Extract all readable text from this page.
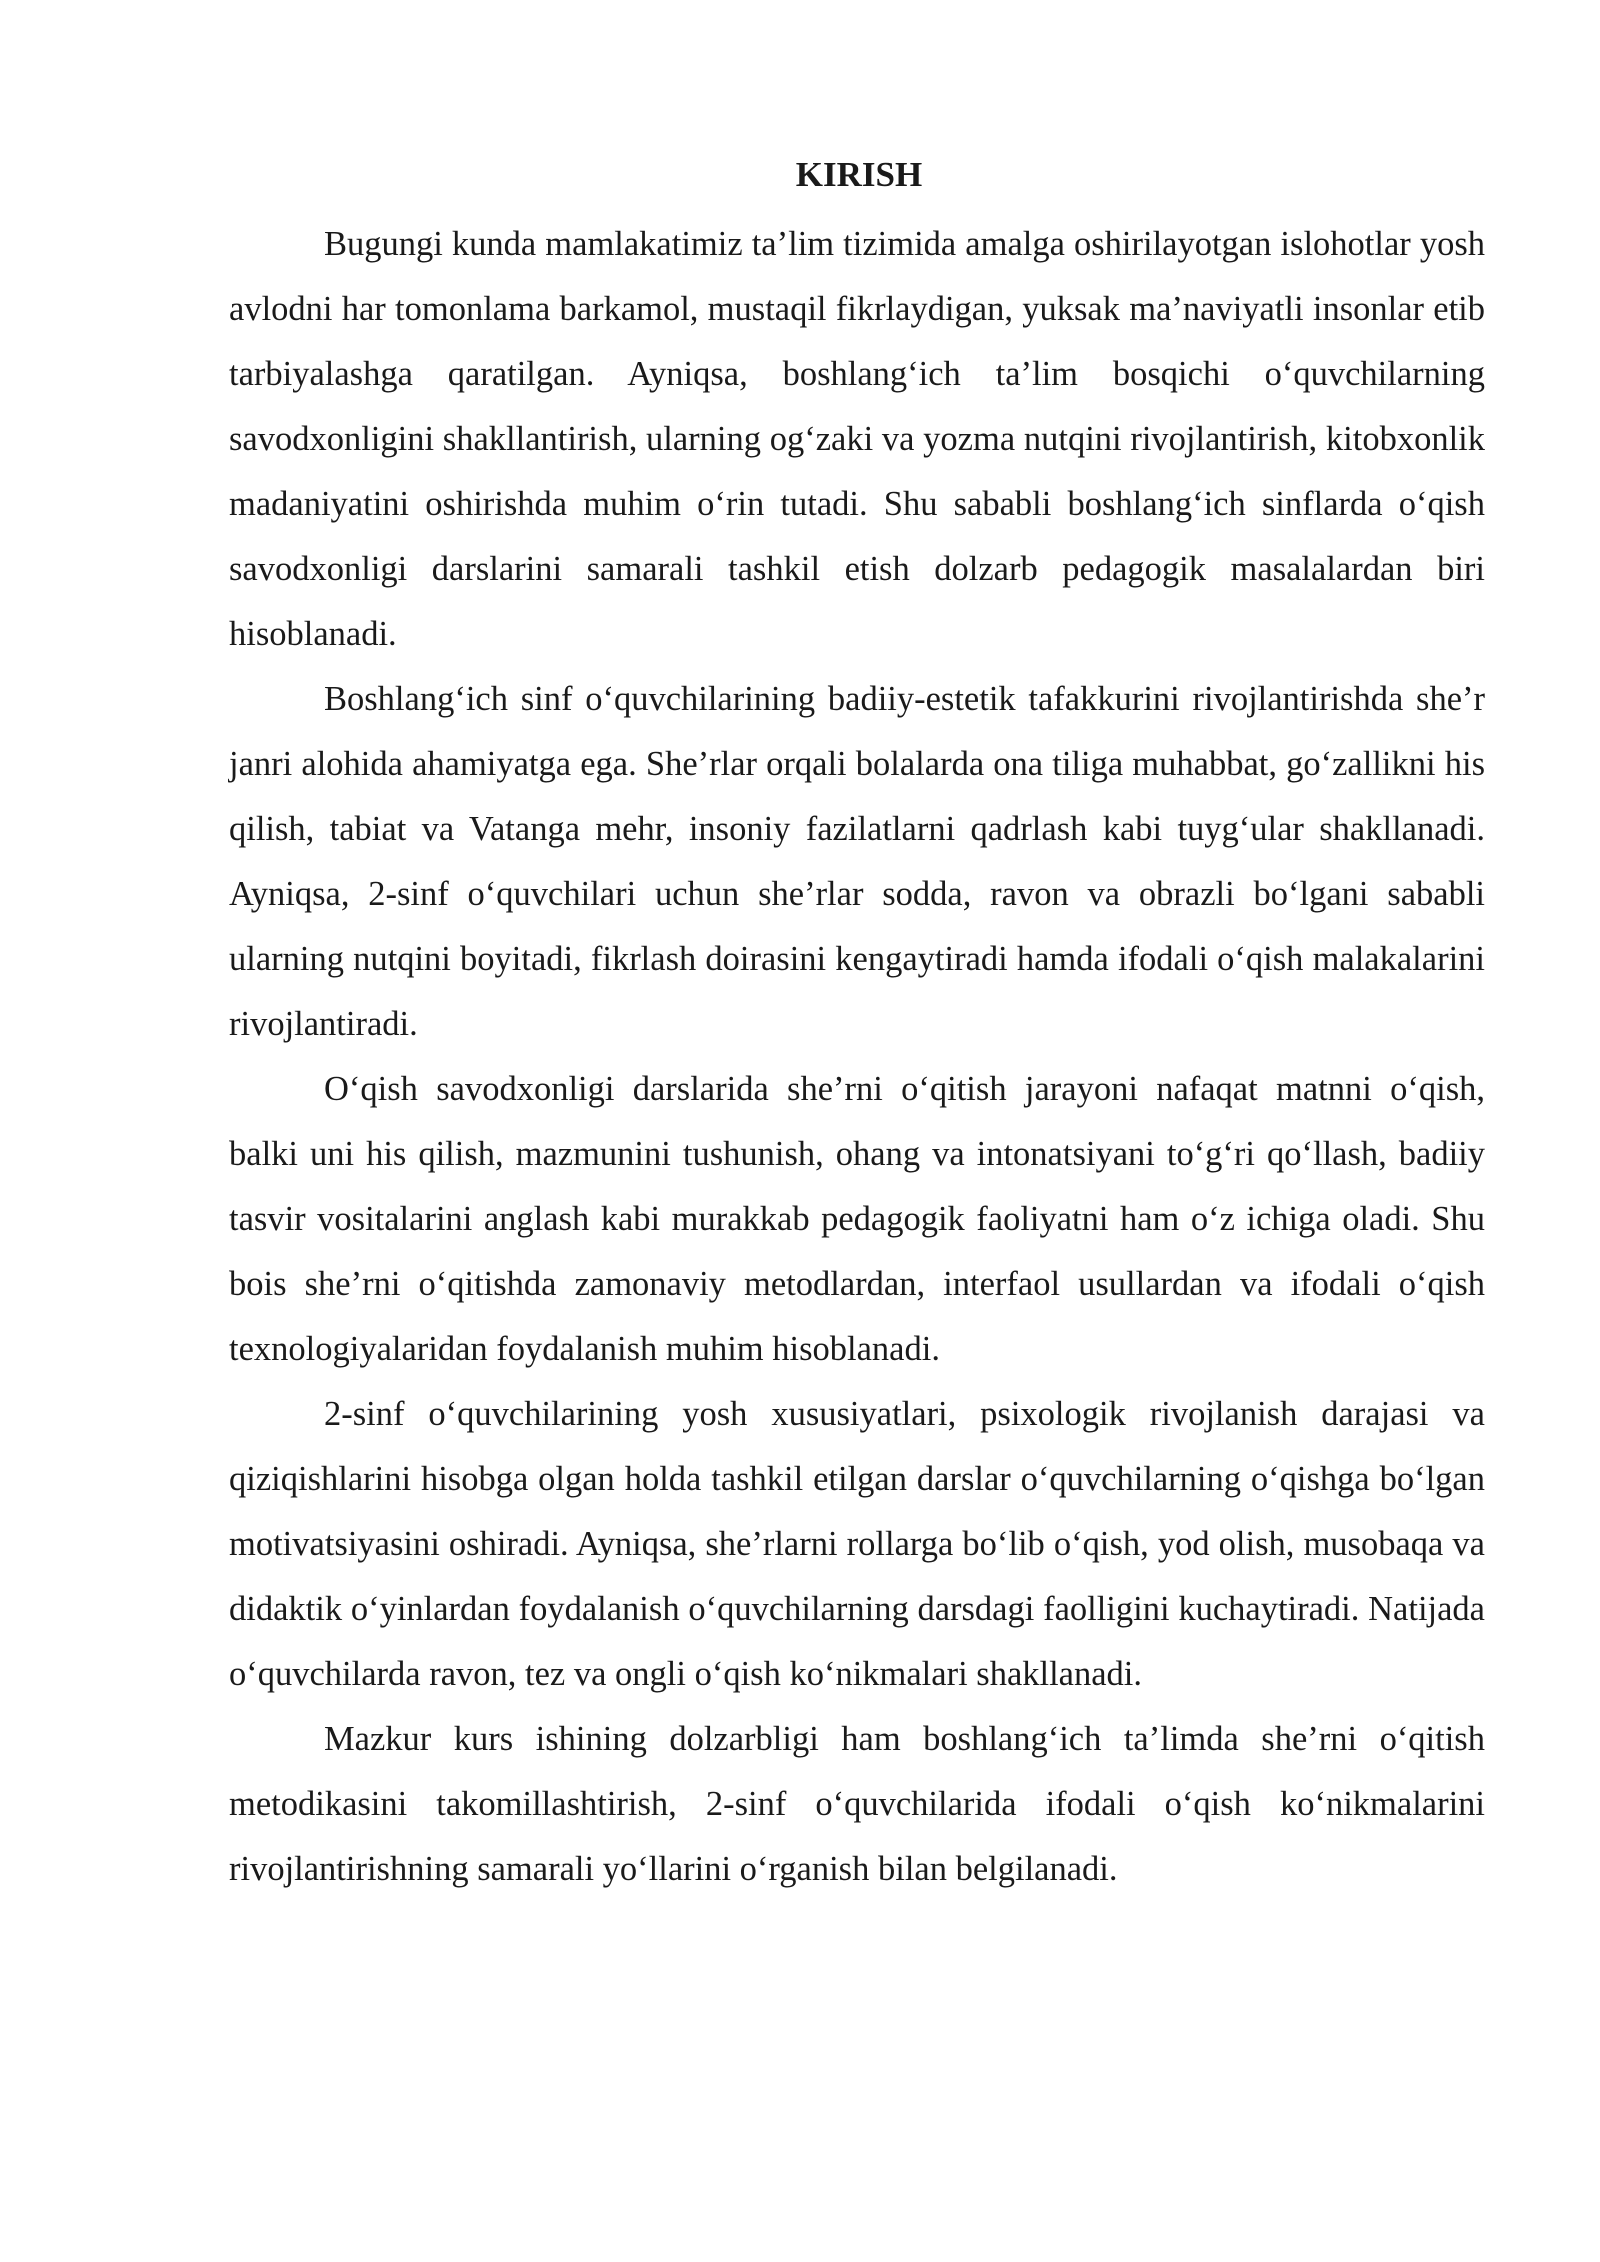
KIRISH

Bugungi kunda mamlakatimiz ta’lim tizimida amalga oshirilayotgan islohotlar yosh avlodni har tomonlama barkamol, mustaqil fikrlaydigan, yuksak ma’naviyatli insonlar etib tarbiyalashga qaratilgan. Ayniqsa, boshlang‘ich ta’lim bosqichi o‘quvchilarning savodxonligini shakllantirish, ularning og‘zaki va yozma nutqini rivojlantirish, kitobxonlik madaniyatini oshirishda muhim o‘rin tutadi. Shu sababli boshlang‘ich sinflarda o‘qish savodxonligi darslarini samarali tashkil etish dolzarb pedagogik masalalardan biri hisoblanadi.

Boshlang‘ich sinf o‘quvchilarining badiiy-estetik tafakkurini rivojlantirishda she’r janri alohida ahamiyatga ega. She’rlar orqali bolalarda ona tiliga muhabbat, go‘zallikni his qilish, tabiat va Vatanga mehr, insoniy fazilatlarni qadrlash kabi tuyg‘ular shakllanadi. Ayniqsa, 2-sinf o‘quvchilari uchun she’rlar sodda, ravon va obrazli bo‘lgani sababli ularning nutqini boyitadi, fikrlash doirasini kengaytiradi hamda ifodali o‘qish malakalarini rivojlantiradi.

O‘qish savodxonligi darslarida she’rni o‘qitish jarayoni nafaqat matnni o‘qish, balki uni his qilish, mazmunini tushunish, ohang va intonatsiyani to‘g‘ri qo‘llash, badiiy tasvir vositalarini anglash kabi murakkab pedagogik faoliyatni ham o‘z ichiga oladi. Shu bois she’rni o‘qitishda zamonaviy metodlardan, interfaol usullardan va ifodali o‘qish texnologiyalaridan foydalanish muhim hisoblanadi.

2-sinf o‘quvchilarining yosh xususiyatlari, psixologik rivojlanish darajasi va qiziqishlarini hisobga olgan holda tashkil etilgan darslar o‘quvchilarning o‘qishga bo‘lgan motivatsiyasini oshiradi. Ayniqsa, she’rlarni rollarga bo‘lib o‘qish, yod olish, musobaqa va didaktik o‘yinlardan foydalanish o‘quvchilarning darsdagi faolligini kuchaytiradi. Natijada o‘quvchilarda ravon, tez va ongli o‘qish ko‘nikmalari shakllanadi.

Mazkur kurs ishining dolzarbligi ham boshlang‘ich ta’limda she’rni o‘qitish metodikasini takomillashtirish, 2-sinf o‘quvchilarida ifodali o‘qish ko‘nikmalarini rivojlantirishning samarali yo‘llarini o‘rganish bilan belgilanadi.
